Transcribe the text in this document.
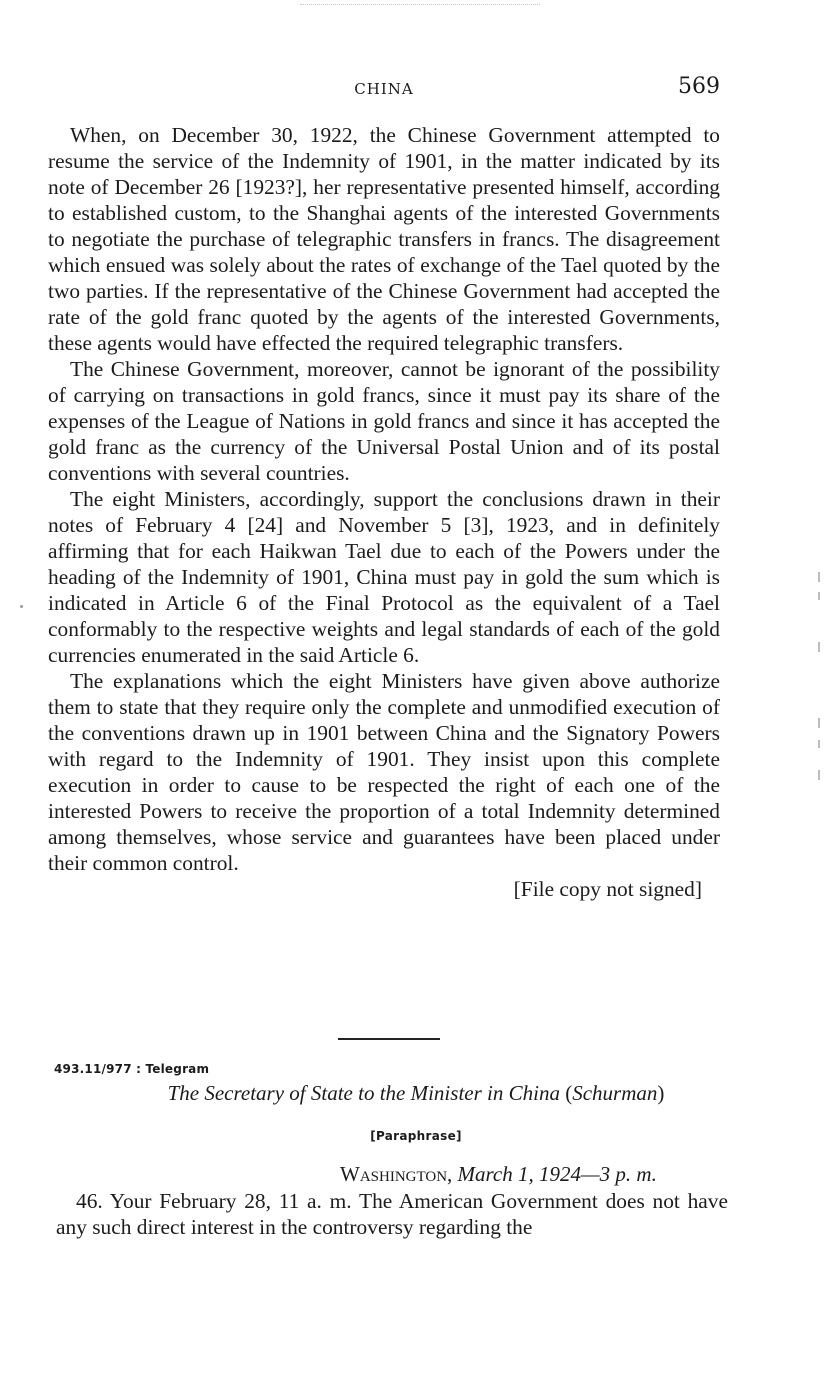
CHINA	569

When, on December 30, 1922, the Chinese Government attempted to resume the service of the Indemnity of 1901, in the matter indicated by its note of December 26 [1923?], her representative presented himself, according to established custom, to the Shanghai agents of the interested Governments to negotiate the purchase of telegraphic transfers in francs. The disagreement which ensued was solely about the rates of exchange of the Tael quoted by the two parties. If the representative of the Chinese Government had accepted the rate of the gold franc quoted by the agents of the interested Governments, these agents would have effected the required telegraphic transfers.

The Chinese Government, moreover, cannot be ignorant of the possibility of carrying on transactions in gold francs, since it must pay its share of the expenses of the League of Nations in gold francs and since it has accepted the gold franc as the currency of the Universal Postal Union and of its postal conventions with several countries.

The eight Ministers, accordingly, support the conclusions drawn in their notes of February 4 [24] and November 5 [3], 1923, and in definitely affirming that for each Haikwan Tael due to each of the Powers under the heading of the Indemnity of 1901, China must pay in gold the sum which is indicated in Article 6 of the Final Protocol as the equivalent of a Tael conformably to the respective weights and legal standards of each of the gold currencies enumerated in the said Article 6.

The explanations which the eight Ministers have given above authorize them to state that they require only the complete and unmodified execution of the conventions drawn up in 1901 between China and the Signatory Powers with regard to the Indemnity of 1901. They insist upon this complete execution in order to cause to be respected the right of each one of the interested Powers to receive the proportion of a total Indemnity determined among themselves, whose service and guarantees have been placed under their common control.

[File copy not signed]
493.11/977 : Telegram
The Secretary of State to the Minister in China (Schurman)
[Paraphrase]
Washington, March 1, 1924—3 p. m.

46. Your February 28, 11 a. m. The American Government does not have any such direct interest in the controversy regarding the
